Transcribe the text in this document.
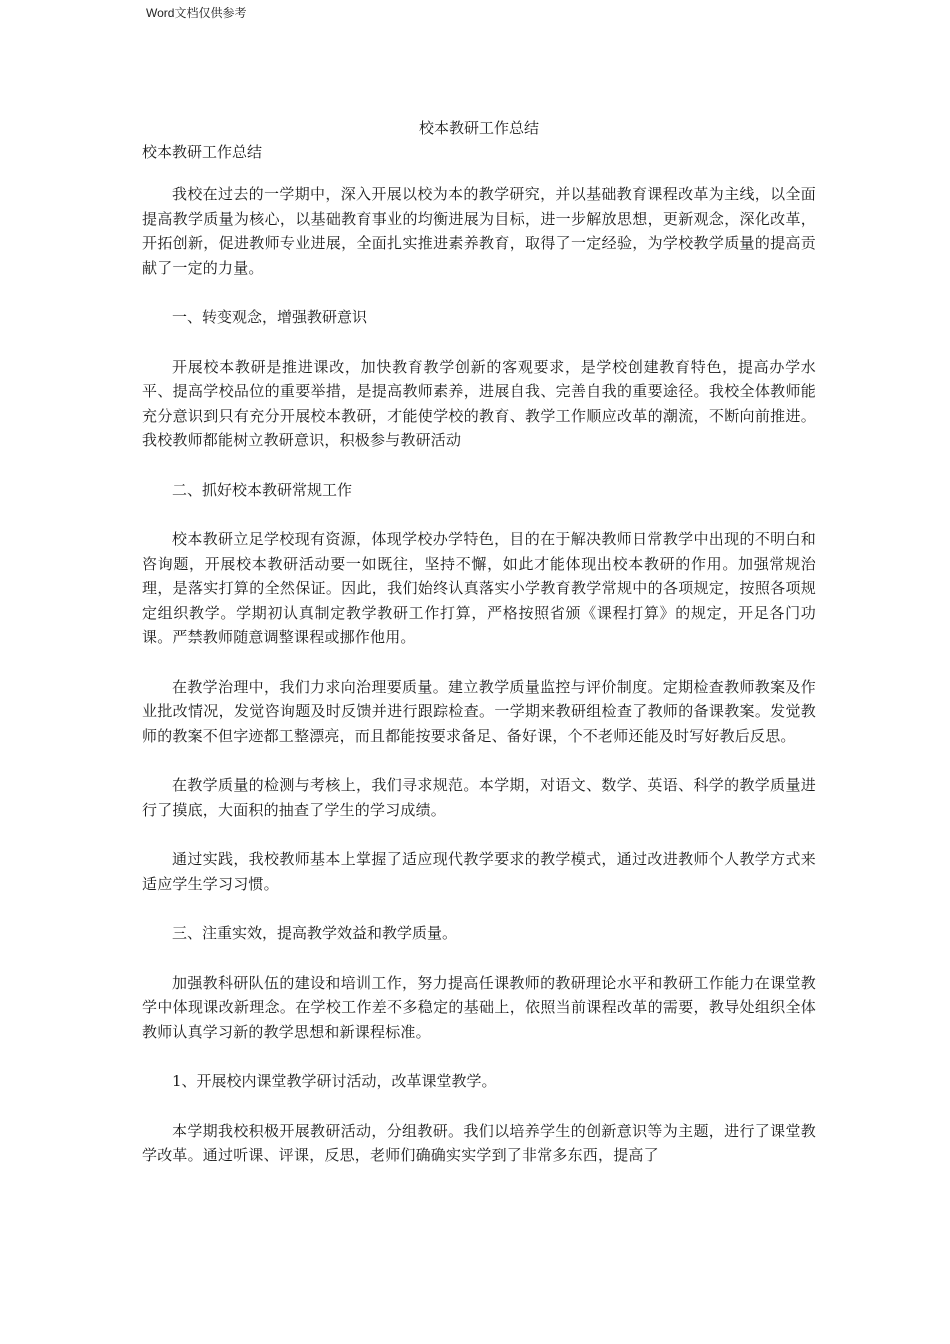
Word文档仅供参考

校本教研工作总结

校本教研工作总结

我校在过去的一学期中，深入开展以校为本的教学研究，并以基础教育课程改革为主线，以全面提高教学质量为核心，以基础教育事业的均衡进展为目标，进一步解放思想，更新观念，深化改革，开拓创新，促进教师专业进展，全面扎实推进素养教育，取得了一定经验，为学校教学质量的提高贡献了一定的力量。

一、转变观念，增强教研意识

开展校本教研是推进课改，加快教育教学创新的客观要求，是学校创建教育特色，提高办学水平、提高学校品位的重要举措，是提高教师素养，进展自我、完善自我的重要途径。我校全体教师能充分意识到只有充分开展校本教研，才能使学校的教育、教学工作顺应改革的潮流，不断向前推进。我校教师都能树立教研意识，积极参与教研活动

二、抓好校本教研常规工作

校本教研立足学校现有资源，体现学校办学特色，目的在于解决教师日常教学中出现的不明白和咨询题，开展校本教研活动要一如既往，坚持不懈，如此才能体现出校本教研的作用。加强常规治理，是落实打算的全然保证。因此，我们始终认真落实小学教育教学常规中的各项规定，按照各项规定组织教学。学期初认真制定教学教研工作打算，严格按照省颁《课程打算》的规定，开足各门功课。严禁教师随意调整课程或挪作他用。

在教学治理中，我们力求向治理要质量。建立教学质量监控与评价制度。定期检查教师教案及作业批改情况，发觉咨询题及时反馈并进行跟踪检查。一学期来教研组检查了教师的备课教案。发觉教师的教案不但字迹都工整漂亮，而且都能按要求备足、备好课，个不老师还能及时写好教后反思。

在教学质量的检测与考核上，我们寻求规范。本学期，对语文、数学、英语、科学的教学质量进行了摸底，大面积的抽查了学生的学习成绩。

通过实践，我校教师基本上掌握了适应现代教学要求的教学模式，通过改进教师个人教学方式来适应学生学习习惯。

三、注重实效，提高教学效益和教学质量。

加强教科研队伍的建设和培训工作，努力提高任课教师的教研理论水平和教研工作能力在课堂教学中体现课改新理念。在学校工作差不多稳定的基础上，依照当前课程改革的需要，教导处组织全体教师认真学习新的教学思想和新课程标准。

1、开展校内课堂教学研讨活动，改革课堂教学。

本学期我校积极开展教研活动，分组教研。我们以培养学生的创新意识等为主题，进行了课堂教学改革。通过听课、评课，反思，老师们确确实实学到了非常多东西，提高了
